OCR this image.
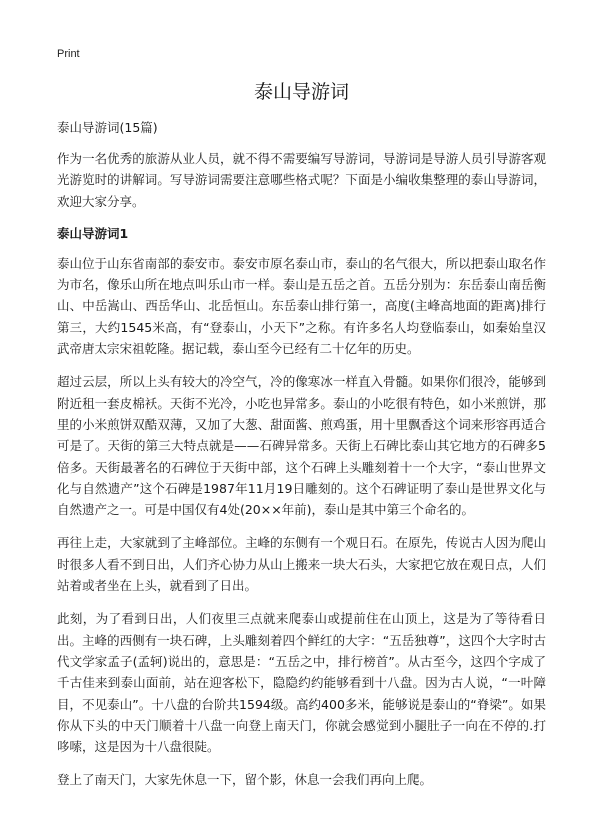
Print
泰山导游词
泰山导游词(15篇)

作为一名优秀的旅游从业人员，就不得不需要编写导游词，导游词是导游人员引导游客观光游览时的讲解词。写导游词需要注意哪些格式呢？下面是小编收集整理的泰山导游词，欢迎大家分享。

泰山导游词1

泰山位于山东省南部的泰安市。泰安市原名泰山市，泰山的名气很大，所以把泰山取名作为市名，像乐山所在地点叫乐山市一样。泰山是五岳之首。五岳分别为：东岳泰山南岳衡山、中岳嵩山、西岳华山、北岳恒山。东岳泰山排行第一，高度(主峰高地面的距离)排行第三，大约1545米高，有“登泰山，小天下”之称。有许多名人均登临泰山，如秦始皇汉武帝唐太宗宋祖乾隆。据记载，泰山至今已经有二十亿年的历史。

超过云层，所以上头有较大的冷空气，冷的像寒冰一样直入骨髓。如果你们很冷，能够到附近租一套皮棉袄。天街不光冷，小吃也异常多。泰山的小吃很有特色，如小米煎饼，那里的小米煎饼双酷双薄，又加了大葱、甜面酱、煎鸡蛋，用十里飘香这个词来形容再适合可是了。天街的第三大特点就是——石碑异常多。天街上石碑比泰山其它地方的石碑多5倍多。天街最著名的石碑位于天街中部，这个石碑上头雕刻着十一个大字，“泰山世界文化与自然遗产”这个石碑是1987年11月19日雕刻的。这个石碑证明了泰山是世界文化与自然遗产之一。可是中国仅有4处(20××年前)，泰山是其中第三个命名的。

再往上走，大家就到了主峰部位。主峰的东侧有一个观日石。在原先，传说古人因为爬山时很多人看不到日出，人们齐心协力从山上搬来一块大石头，大家把它放在观日点，人们站着或者坐在上头，就看到了日出。

此刻，为了看到日出，人们夜里三点就来爬泰山或提前住在山顶上，这是为了等待看日出。主峰的西侧有一块石碑，上头雕刻着四个鲜红的大字：“五岳独尊”，这四个大字时古代文学家孟子(孟轲)说出的，意思是：“五岳之中，排行榜首”。从古至今，这四个字成了千古佳来到泰山面前，站在迎客松下，隐隐约约能够看到十八盘。因为古人说，“一叶障目，不见泰山”。十八盘的台阶共1594级。高约400多米，能够说是泰山的“脊梁”。如果你从下头的中天门顺着十八盘一向登上南天门，你就会感觉到小腿肚子一向在不停的.打哆嗦，这是因为十八盘很陡。

登上了南天门，大家先休息一下，留个影，休息一会我们再向上爬。
